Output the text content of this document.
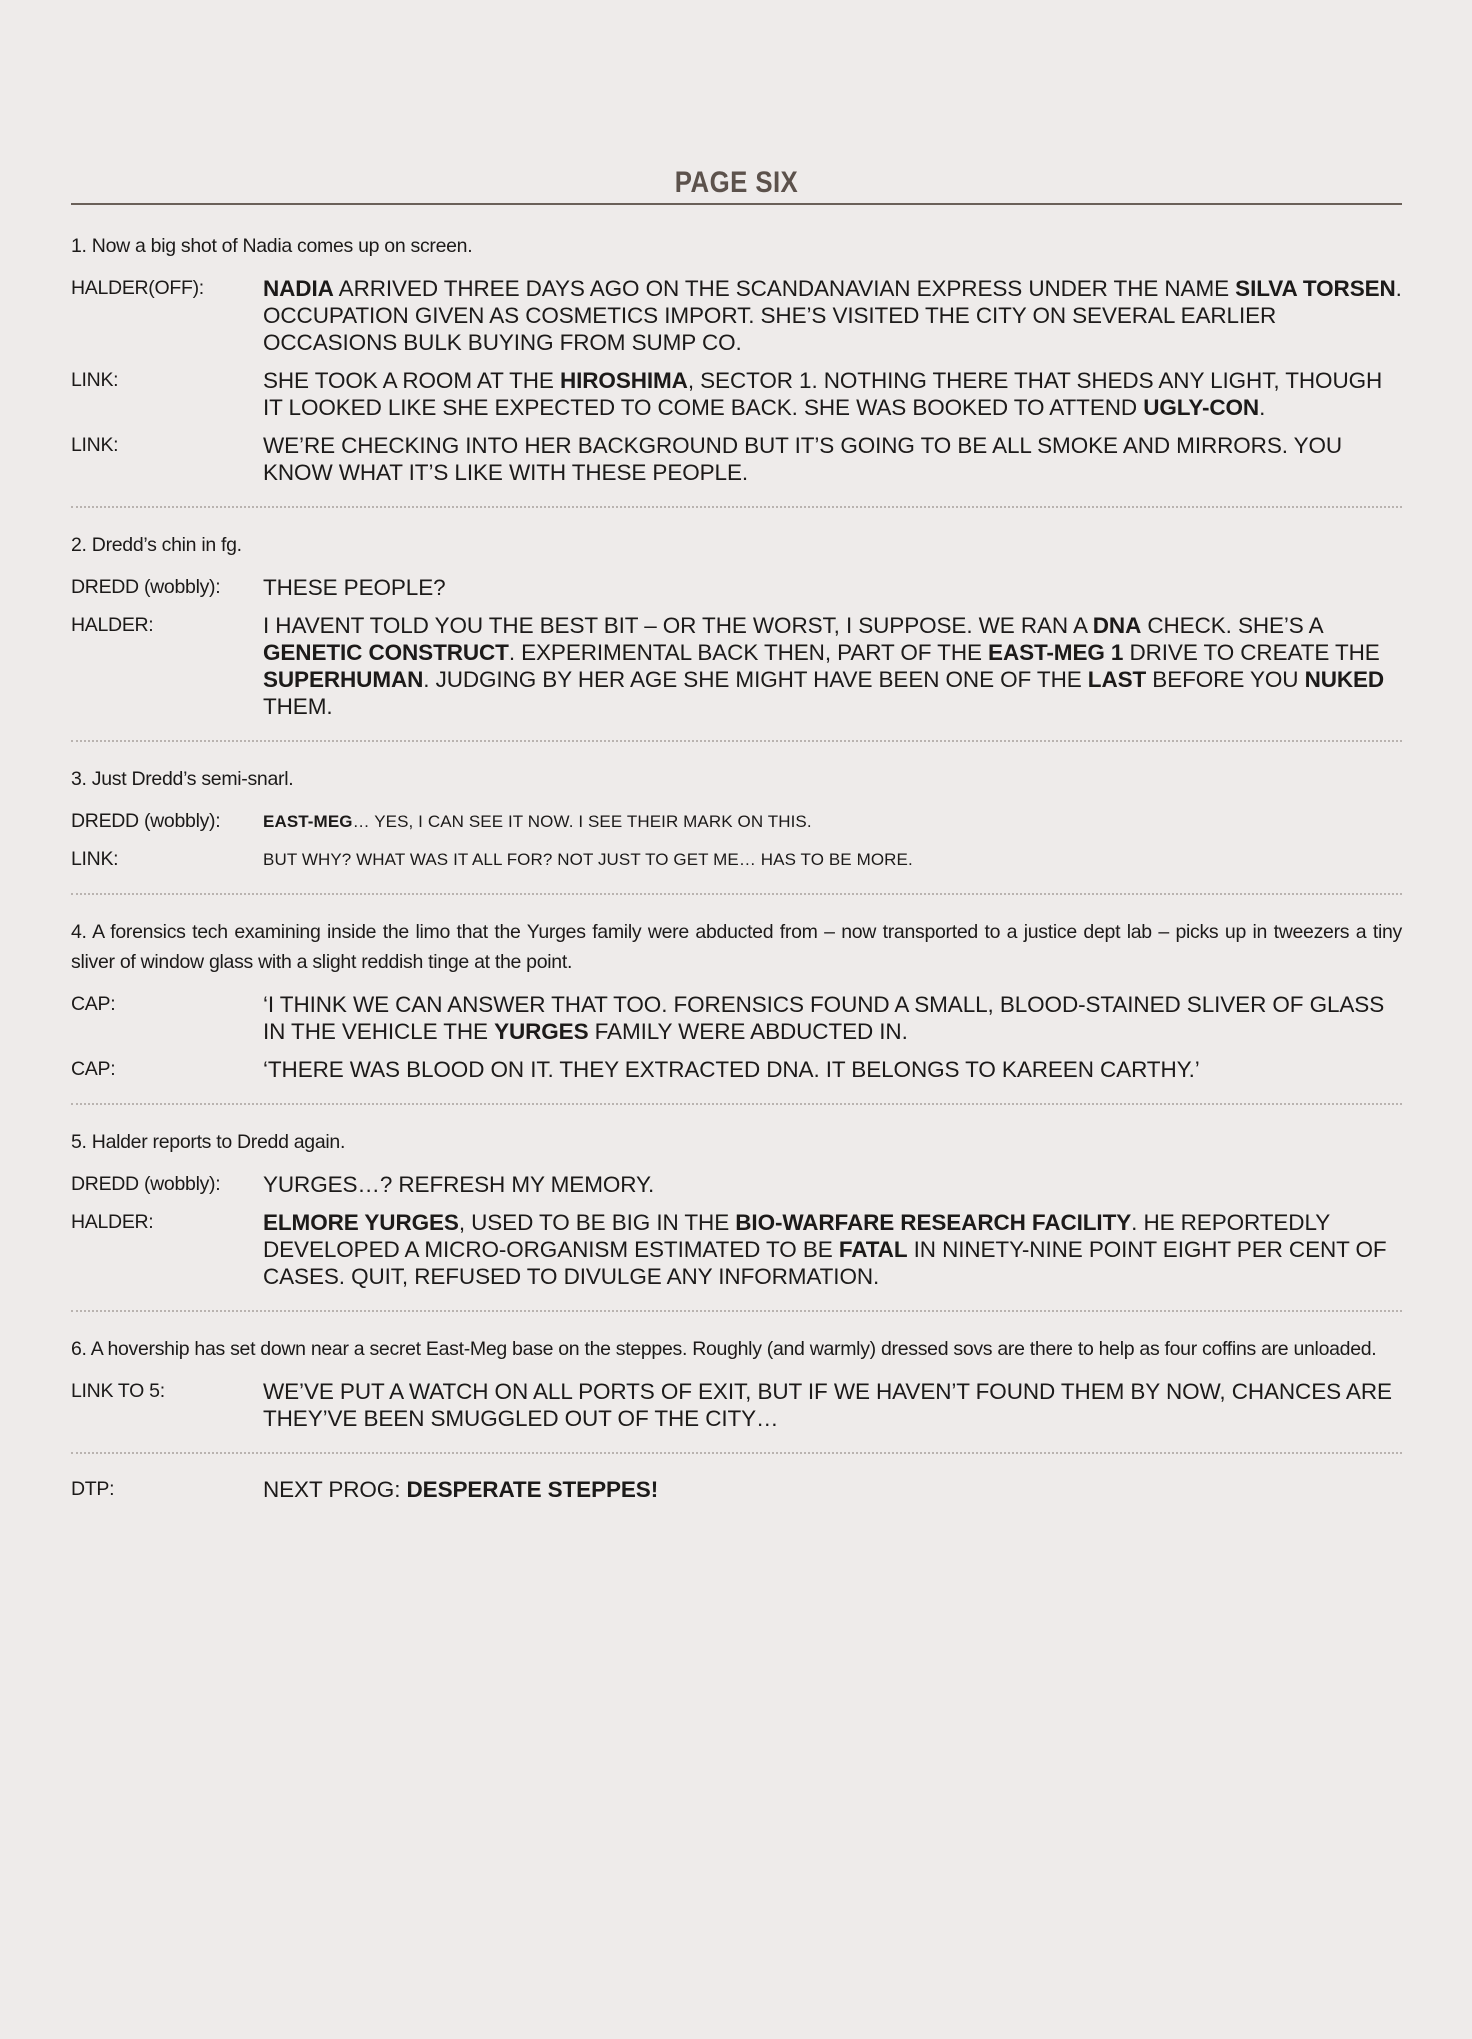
PAGE SIX
1. Now a big shot of Nadia comes up on screen.
HALDER(OFF):	NADIA ARRIVED THREE DAYS AGO ON THE SCANDANAVIAN EXPRESS UNDER THE NAME SILVA TORSEN. OCCUPATION GIVEN AS COSMETICS IMPORT. SHE’S VISITED THE CITY ON SEVERAL EARLIER OCCASIONS BULK BUYING FROM SUMP CO.
LINK:	SHE TOOK A ROOM AT THE HIROSHIMA, SECTOR 1. NOTHING THERE THAT SHEDS ANY LIGHT, THOUGH IT LOOKED LIKE SHE EXPECTED TO COME BACK. SHE WAS BOOKED TO ATTEND UGLY-CON.
LINK:	WE’RE CHECKING INTO HER BACKGROUND BUT IT’S GOING TO BE ALL SMOKE AND MIRRORS. YOU KNOW WHAT IT’S LIKE WITH THESE PEOPLE.
2. Dredd’s chin in fg.
DREDD (wobbly):	THESE PEOPLE?
HALDER:	I HAVENT TOLD YOU THE BEST BIT – OR THE WORST, I SUPPOSE. WE RAN A DNA CHECK. SHE’S A GENETIC CONSTRUCT. EXPERIMENTAL BACK THEN, PART OF THE EAST-MEG 1 DRIVE TO CREATE THE SUPERHUMAN. JUDGING BY HER AGE SHE MIGHT HAVE BEEN ONE OF THE LAST BEFORE YOU NUKED THEM.
3. Just Dredd’s semi-snarl.
DREDD (wobbly):	EAST-MEG… YES, I CAN SEE IT NOW. I SEE THEIR MARK ON THIS.
LINK:	BUT WHY? WHAT WAS IT ALL FOR? NOT JUST TO GET ME… HAS TO BE MORE.
4. A forensics tech examining inside the limo that the Yurges family were abducted from – now transported to a justice dept lab – picks up in tweezers a tiny sliver of window glass with a slight reddish tinge at the point.
CAP:	‘I THINK WE CAN ANSWER THAT TOO. FORENSICS FOUND A SMALL, BLOOD-STAINED SLIVER OF GLASS IN THE VEHICLE THE YURGES FAMILY WERE ABDUCTED IN.
CAP:	‘THERE WAS BLOOD ON IT. THEY EXTRACTED DNA. IT BELONGS TO KAREEN CARTHY.’
5. Halder reports to Dredd again.
DREDD (wobbly):	YURGES…? REFRESH MY MEMORY.
HALDER:	ELMORE YURGES, USED TO BE BIG IN THE BIO-WARFARE RESEARCH FACILITY. HE REPORTEDLY DEVELOPED A MICRO-ORGANISM ESTIMATED TO BE FATAL IN NINETY-NINE POINT EIGHT PER CENT OF CASES. QUIT, REFUSED TO DIVULGE ANY INFORMATION.
6. A hovership has set down near a secret East-Meg base on the steppes. Roughly (and warmly) dressed sovs are there to help as four coffins are unloaded.
LINK TO 5:	WE’VE PUT A WATCH ON ALL PORTS OF EXIT, BUT IF WE HAVEN’T FOUND THEM BY NOW, CHANCES ARE THEY’VE BEEN SMUGGLED OUT OF THE CITY…
DTP:	NEXT PROG: DESPERATE STEPPES!
